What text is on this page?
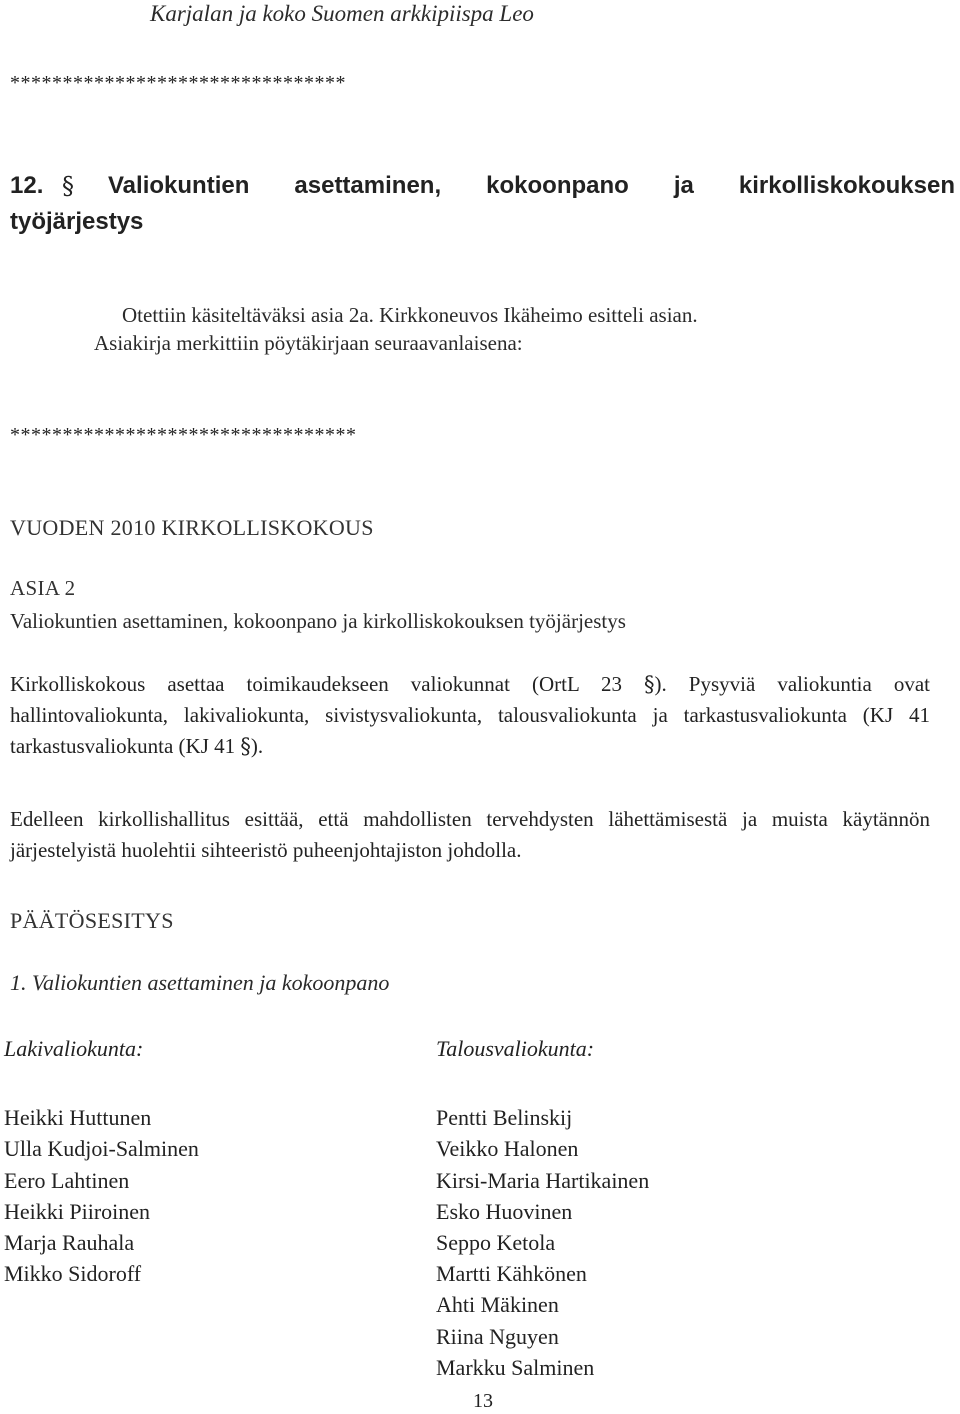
Karjalan ja koko Suomen arkkipiispa Leo
********************************
12. §	Valiokuntien asettaminen, kokoonpano ja kirkolliskokouksen
työjärjestys
Otettiin käsiteltäväksi asia 2a. Kirkkoneuvos Ikäheimo esitteli asian.
Asiakirja merkittiin pöytäkirjaan seuraavanlaisena:
*********************************
VUODEN 2010 KIRKOLLISKOKOUS
ASIA 2
Valiokuntien asettaminen, kokoonpano ja kirkolliskokouksen työjärjestys
Kirkolliskokous asettaa toimikaudekseen valiokunnat (OrtL 23 §). Pysyviä valiokuntia ovat hallintovaliokunta, lakivaliokunta, sivistysvaliokunta, talousvaliokunta ja tarkastusvaliokunta (KJ 41
tarkastusvaliokunta (KJ 41 §).
Edelleen kirkollishallitus esittää, että mahdollisten tervehdysten lähettämisestä ja muista käytännön järjestelyistä huolehtii sihteeristö puheenjohtajiston johdolla.
PÄÄTÖSESITYS
1. Valiokuntien asettaminen ja kokoonpano
Lakivaliokunta:
Heikki Huttunen
Ulla Kudjoi-Salminen
Eero Lahtinen
Heikki Piiroinen
Marja Rauhala
Mikko Sidoroff
Talousvaliokunta:
Pentti Belinskij
Veikko Halonen
Kirsi-Maria Hartikainen
Esko Huovinen
Seppo Ketola
Martti Kähkönen
Ahti Mäkinen
Riina Nguyen
Markku Salminen
13
